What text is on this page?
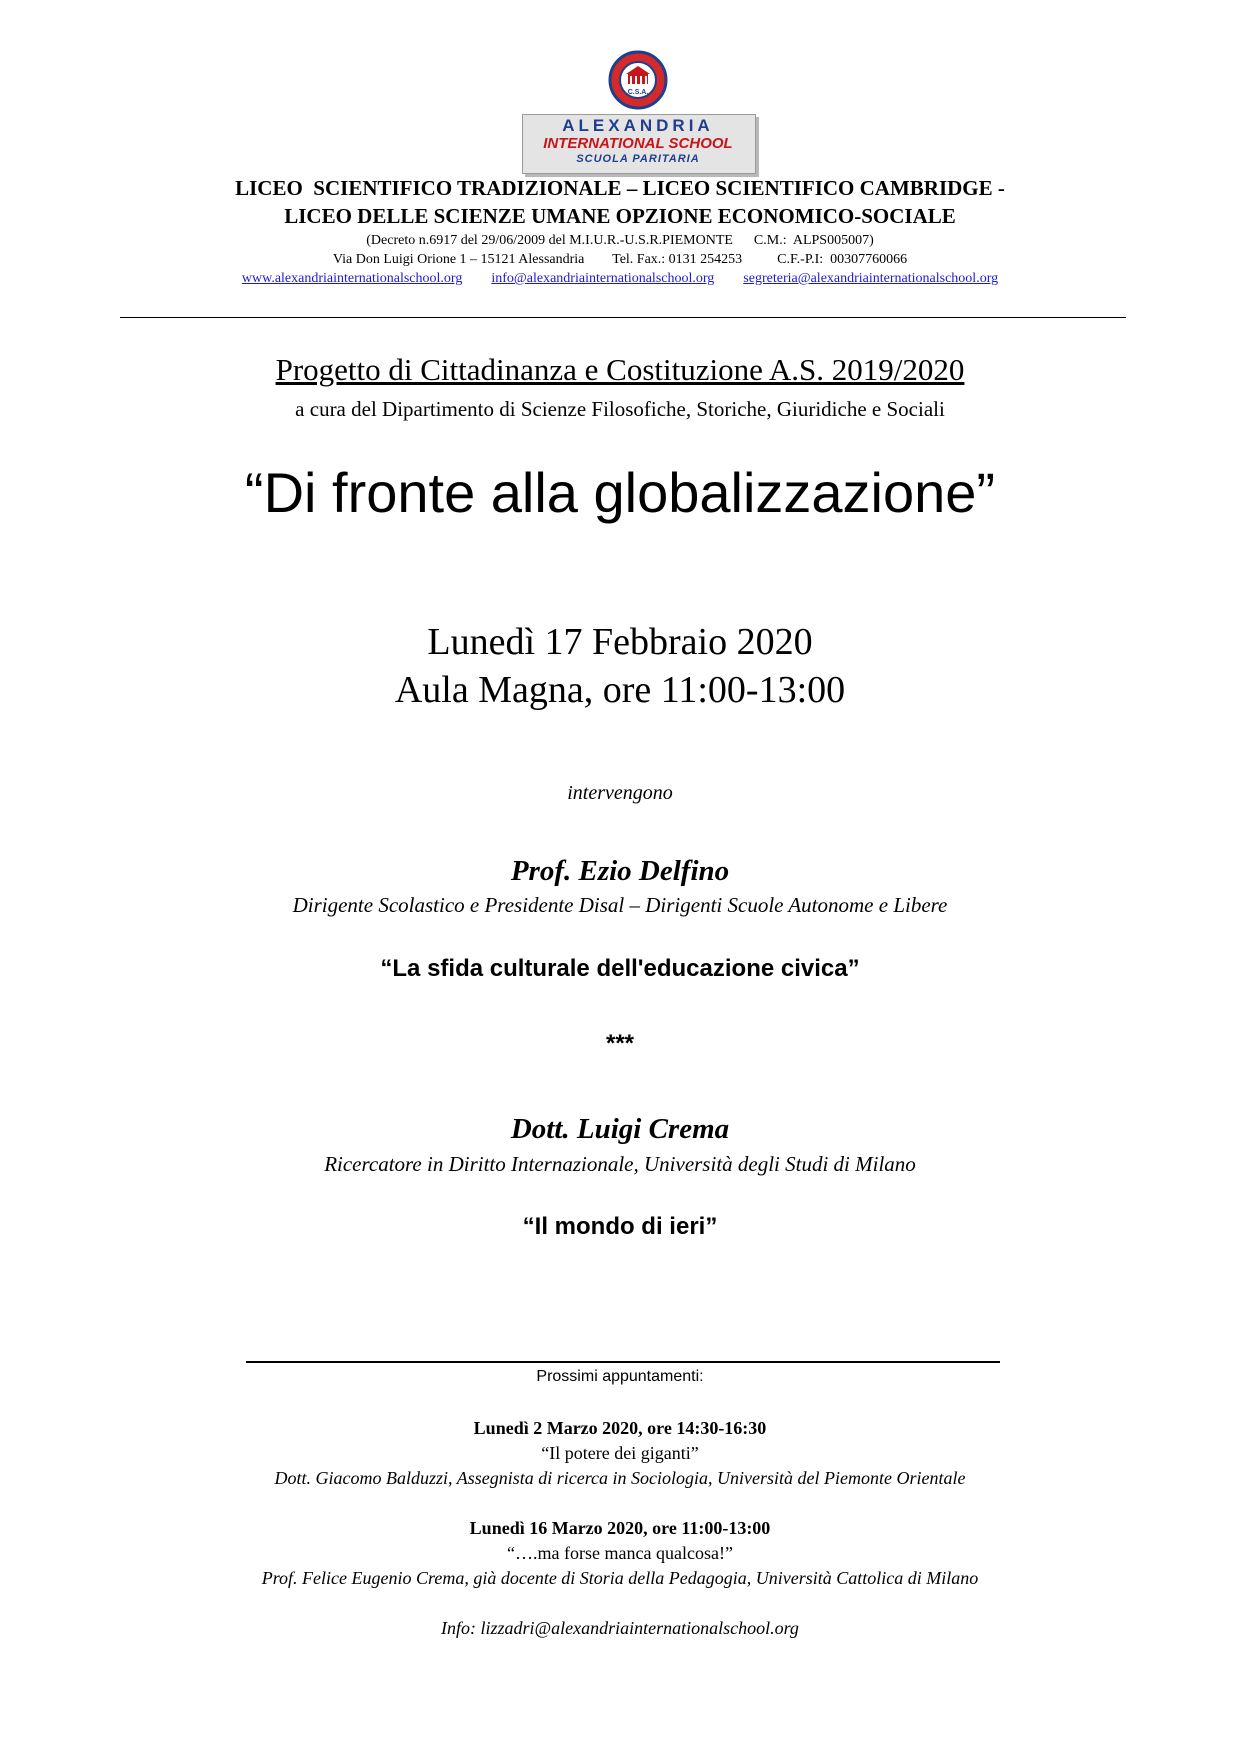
C.S.A.
ALEXANDRIA
INTERNATIONAL SCHOOL
SCUOLA PARITARIA
LICEO  SCIENTIFICO TRADIZIONALE – LICEO SCIENTIFICO CAMBRIDGE -
LICEO DELLE SCIENZE UMANE OPZIONE ECONOMICO-SOCIALE
(Decreto n.6917 del 29/06/2009 del M.I.U.R.-U.S.R.PIEMONTE      C.M.:  ALPS005007)
Via Don Luigi Orione 1 – 15121 Alessandria        Tel. Fax.: 0131 254253          C.F.-P.I:  00307760066
www.alexandriainternationalschool.org info@alexandriainternationalschool.org segreteria@alexandriainternationalschool.org
Progetto di Cittadinanza e Costituzione A.S. 2019/2020
a cura del Dipartimento di Scienze Filosofiche, Storiche, Giuridiche e Sociali
“Di fronte alla globalizzazione”
Lunedì 17 Febbraio 2020
Aula Magna, ore 11:00-13:00
intervengono
Prof. Ezio Delfino
Dirigente Scolastico e Presidente Disal – Dirigenti Scuole Autonome e Libere
“La sfida culturale dell'educazione civica”
***
Dott. Luigi Crema
Ricercatore in Diritto Internazionale, Università degli Studi di Milano
“Il mondo di ieri”
Prossimi appuntamenti:
Lunedì 2 Marzo 2020, ore 14:30-16:30
“Il potere dei giganti”
Dott. Giacomo Balduzzi, Assegnista di ricerca in Sociologia, Università del Piemonte Orientale
Lunedì 16 Marzo 2020, ore 11:00-13:00
“….ma forse manca qualcosa!”
Prof. Felice Eugenio Crema, già docente di Storia della Pedagogia, Università Cattolica di Milano
Info: lizzadri@alexandriainternationalschool.org
